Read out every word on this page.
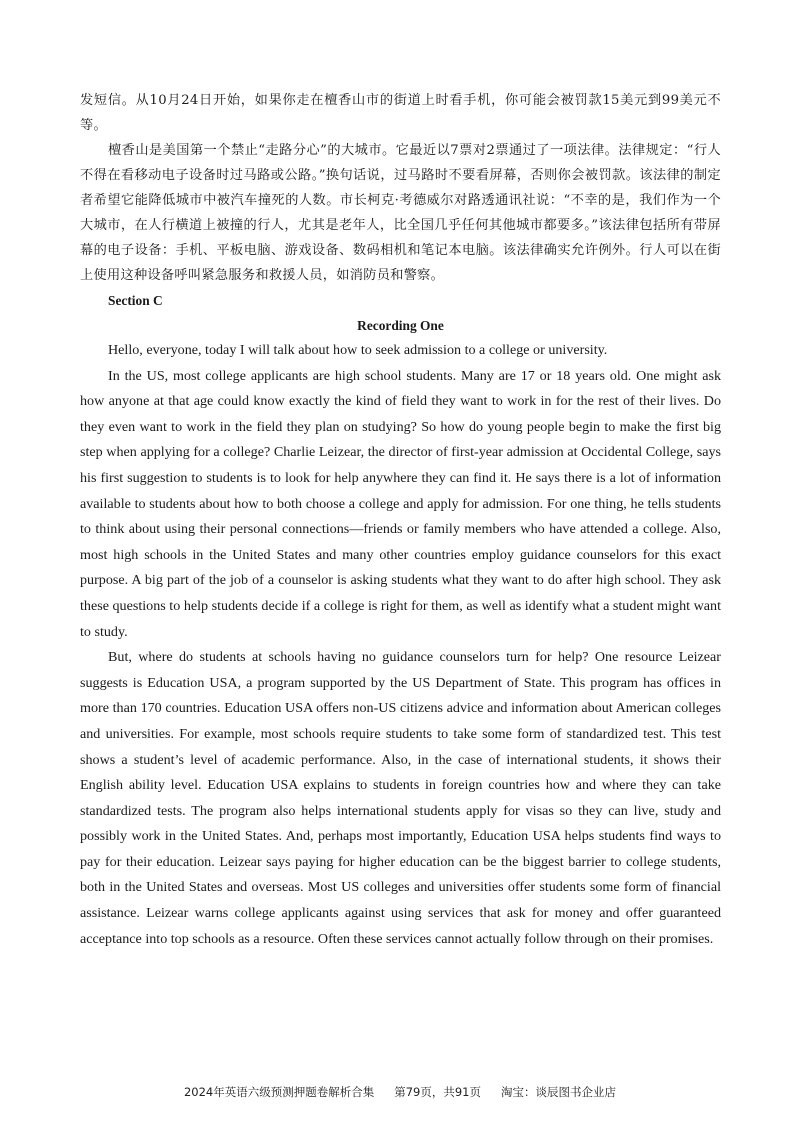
发短信。从10月24日开始，如果你走在檀香山市的街道上时看手机，你可能会被罚款15美元到99美元不等。

檀香山是美国第一个禁止“走路分心”的大城市。它最近以7票对2票通过了一项法律。法律规定：“行人不得在看移动电子设备时过马路或公路。”换句话说，过马路时不要看屏幕，否则你会被罚款。该法律的制定者希望它能降低城市中被汽车撞死的人数。市长柯克·考德威尔对路透通讯社说：“不幸的是，我们作为一个大城市，在人行横道上被撞的行人，尤其是老年人，比全国几乎任何其他城市都要多。”该法律包括所有带屏幕的电子设备：手机、平板电脑、游戏设备、数码相机和笔记本电脑。该法律确实允许例外。行人可以在街上使用这种设备呼叫紧急服务和救援人员，如消防员和警察。

Section C

Recording One

Hello, everyone, today I will talk about how to seek admission to a college or university.

In the US, most college applicants are high school students. Many are 17 or 18 years old. One might ask how anyone at that age could know exactly the kind of field they want to work in for the rest of their lives. Do they even want to work in the field they plan on studying? So how do young people begin to make the first big step when applying for a college? Charlie Leizear, the director of first-year admission at Occidental College, says his first suggestion to students is to look for help anywhere they can find it. He says there is a lot of information available to students about how to both choose a college and apply for admission. For one thing, he tells students to think about using their personal connections—friends or family members who have attended a college. Also, most high schools in the United States and many other countries employ guidance counselors for this exact purpose. A big part of the job of a counselor is asking students what they want to do after high school. They ask these questions to help students decide if a college is right for them, as well as identify what a student might want to study.

But, where do students at schools having no guidance counselors turn for help? One resource Leizear suggests is Education USA, a program supported by the US Department of State. This program has offices in more than 170 countries. Education USA offers non-US citizens advice and information about American colleges and universities. For example, most schools require students to take some form of standardized test. This test shows a student’s level of academic performance. Also, in the case of international students, it shows their English ability level. Education USA explains to students in foreign countries how and where they can take standardized tests. The program also helps international students apply for visas so they can live, study and possibly work in the United States. And, perhaps most importantly, Education USA helps students find ways to pay for their education. Leizear says paying for higher education can be the biggest barrier to college students, both in the United States and overseas. Most US colleges and universities offer students some form of financial assistance. Leizear warns college applicants against using services that ask for money and offer guaranteed acceptance into top schools as a resource. Often these services cannot actually follow through on their promises.

2024年英语六级预测押题卷解析合集 第79页，共91页 淘宝：谈辰图书企业店
